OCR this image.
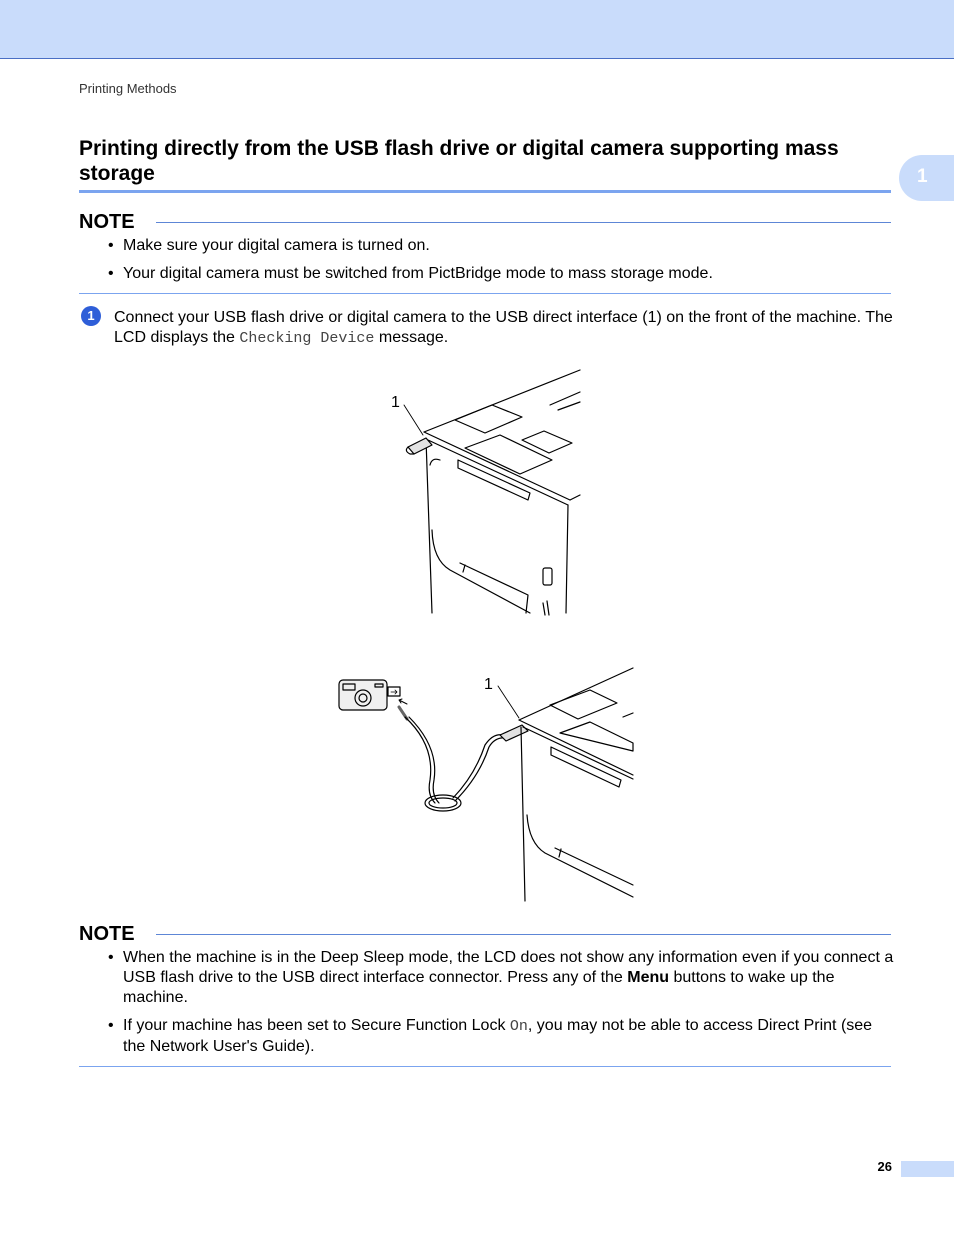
Printing Methods
1
Printing directly from the USB flash drive or digital camera supporting mass storage
NOTE
• Make sure your digital camera is turned on.
• Your digital camera must be switched from PictBridge mode to mass storage mode.
1	Connect your USB flash drive or digital camera to the USB direct interface (1) on the front of the machine. The LCD displays the Checking Device message.
1
1
NOTE
• When the machine is in the Deep Sleep mode, the LCD does not show any information even if you connect a USB flash drive to the USB direct interface connector. Press any of the Menu buttons to wake up the machine.
• If your machine has been set to Secure Function Lock On, you may not be able to access Direct Print (see the Network User's Guide).
26
